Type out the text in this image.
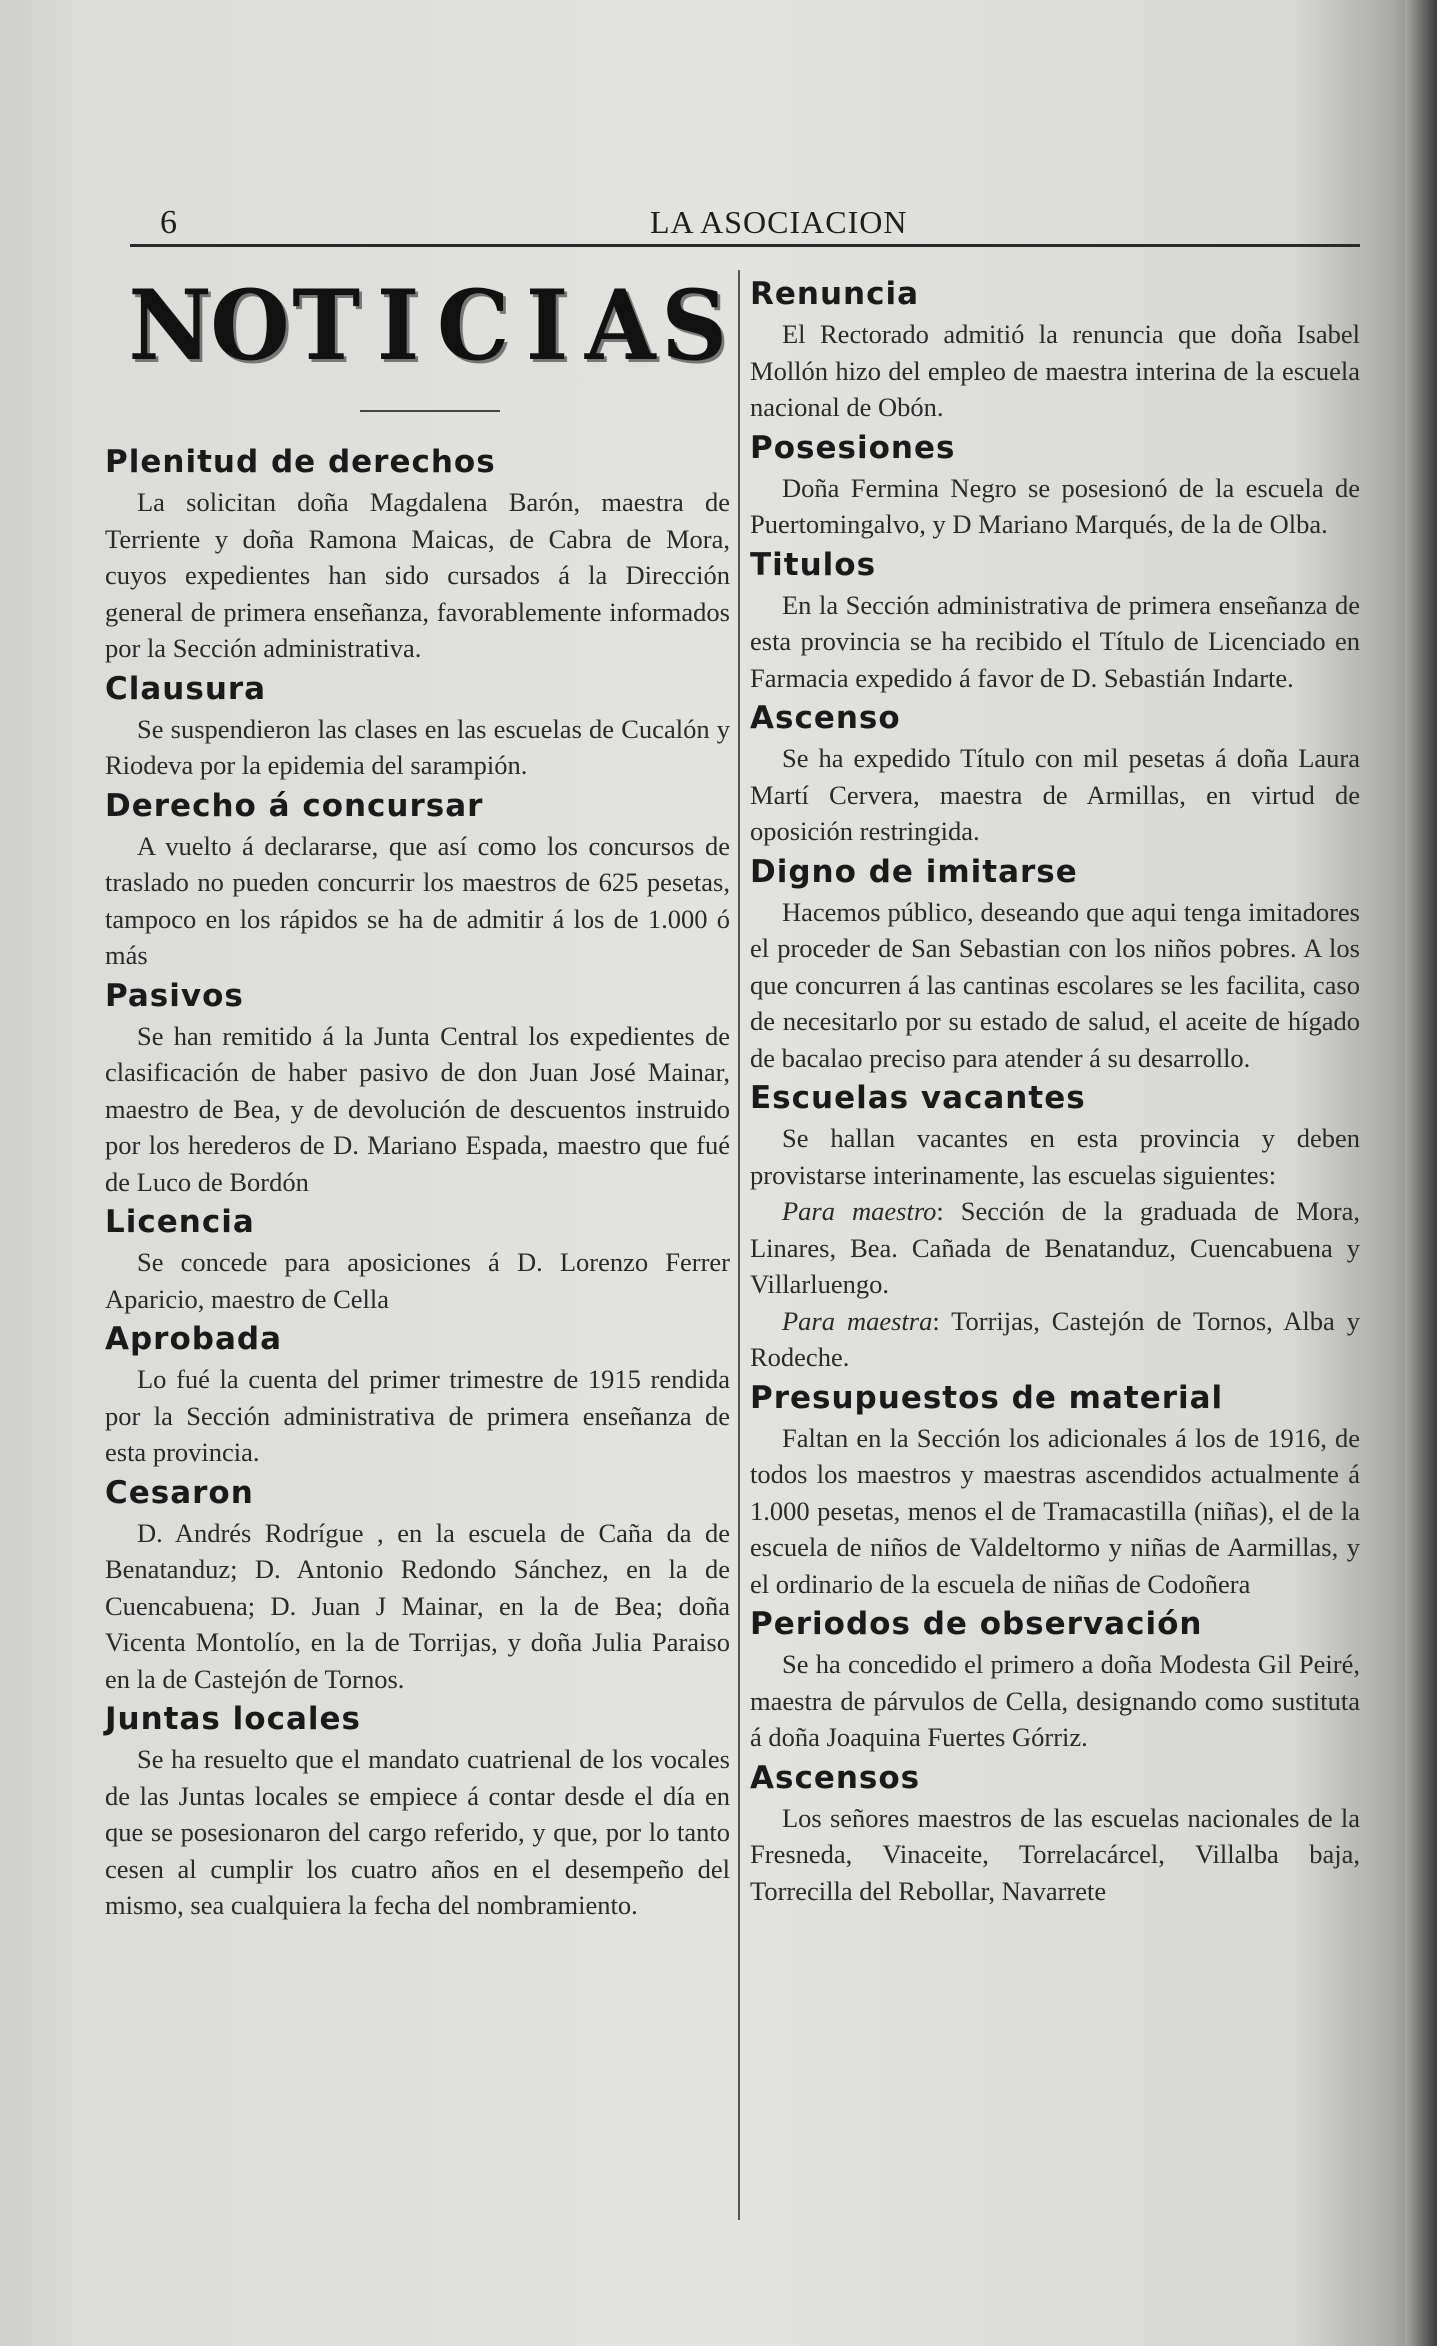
6	LA ASOCIACION
N
O T I C I A S
Plenitud de derechos

La solicitan doña Magdalena Barón, maestra de Terriente y doña Ramona Maicas, de Cabra de Mora, cuyos expedientes han sido cursados á la Dirección general de primera enseñanza, favorablemente informados por la Sección administrativa.

Clausura

Se suspendieron las clases en las escuelas de Cucalón y Riodeva por la epidemia del sarampión.

Derecho á concursar

A vuelto á declararse, que así como los concursos de traslado no pueden concurrir los maestros de 625 pesetas, tampoco en los rápidos se ha de admitir á los de 1.000 ó más

Pasivos

Se han remitido á la Junta Central los expedientes de clasificación de haber pasivo de don Juan José Mainar, maestro de Bea, y de devolución de descuentos instruido por los herederos de D. Mariano Espada, maestro que fué de Luco de Bordón

Licencia

Se concede para aposiciones á D. Lorenzo Ferrer Aparicio, maestro de Cella

Aprobada

Lo fué la cuenta del primer trimestre de 1915 rendida por la Sección administrativa de primera enseñanza de esta provincia.

Cesaron

D. Andrés Rodrígue , en la escuela de Caña da de Benatanduz; D. Antonio Redondo Sánchez, en la de Cuencabuena; D. Juan J Mainar, en la de Bea; doña Vicenta Montolío, en la de Torrijas, y doña Julia Paraiso en la de Castejón de Tornos.

Juntas locales

Se ha resuelto que el mandato cuatrienal de los vocales de las Juntas locales se empiece á contar desde el día en que se posesionaron del cargo referido, y que, por lo tanto cesen al cumplir los cuatro años en el desempeño del mismo, sea cualquiera la fecha del nombramiento.

Renuncia

El Rectorado admitió la renuncia que doña Isabel Mollón hizo del empleo de maestra interina de la escuela nacional de Obón.

Posesiones

Doña Fermina Negro se posesionó de la escuela de Puertomingalvo, y D Mariano Marqués, de la de Olba.

Titulos

En la Sección administrativa de primera enseñanza de esta provincia se ha recibido el Título de Licenciado en Farmacia expedido á favor de D. Sebastián Indarte.

Ascenso

Se ha expedido Título con mil pesetas á doña Laura Martí Cervera, maestra de Armillas, en virtud de oposición restringida.

Digno de imitarse

Hacemos público, deseando que aqui tenga imitadores el proceder de San Sebastian con los niños pobres. A los que concurren á las cantinas escolares se les facilita, caso de necesitarlo por su estado de salud, el aceite de hígado de bacalao preciso para atender á su desarrollo.

Escuelas vacantes

Se hallan vacantes en esta provincia y deben provistarse interinamente, las escuelas siguientes:

Para maestro: Sección de la graduada de Mora, Linares, Bea. Cañada de Benatanduz, Cuencabuena y Villarluengo.

Para maestra: Torrijas, Castejón de Tornos, Alba y Rodeche.

Presupuestos de material

Faltan en la Sección los adicionales á los de 1916, de todos los maestros y maestras ascendidos actualmente á 1.000 pesetas, menos el de Tramacastilla (niñas), el de la escuela de niños de Valdeltormo y niñas de Aarmillas, y el ordinario de la escuela de niñas de Codoñera

Periodos de observación

Se ha concedido el primero a doña Modesta Gil Peiré, maestra de párvulos de Cella, designando como sustituta á doña Joaquina Fuertes Górriz.

Ascensos

Los señores maestros de las escuelas nacionales de la Fresneda, Vinaceite, Torrelacárcel, Villalba baja, Torrecilla del Rebollar, Navarrete
